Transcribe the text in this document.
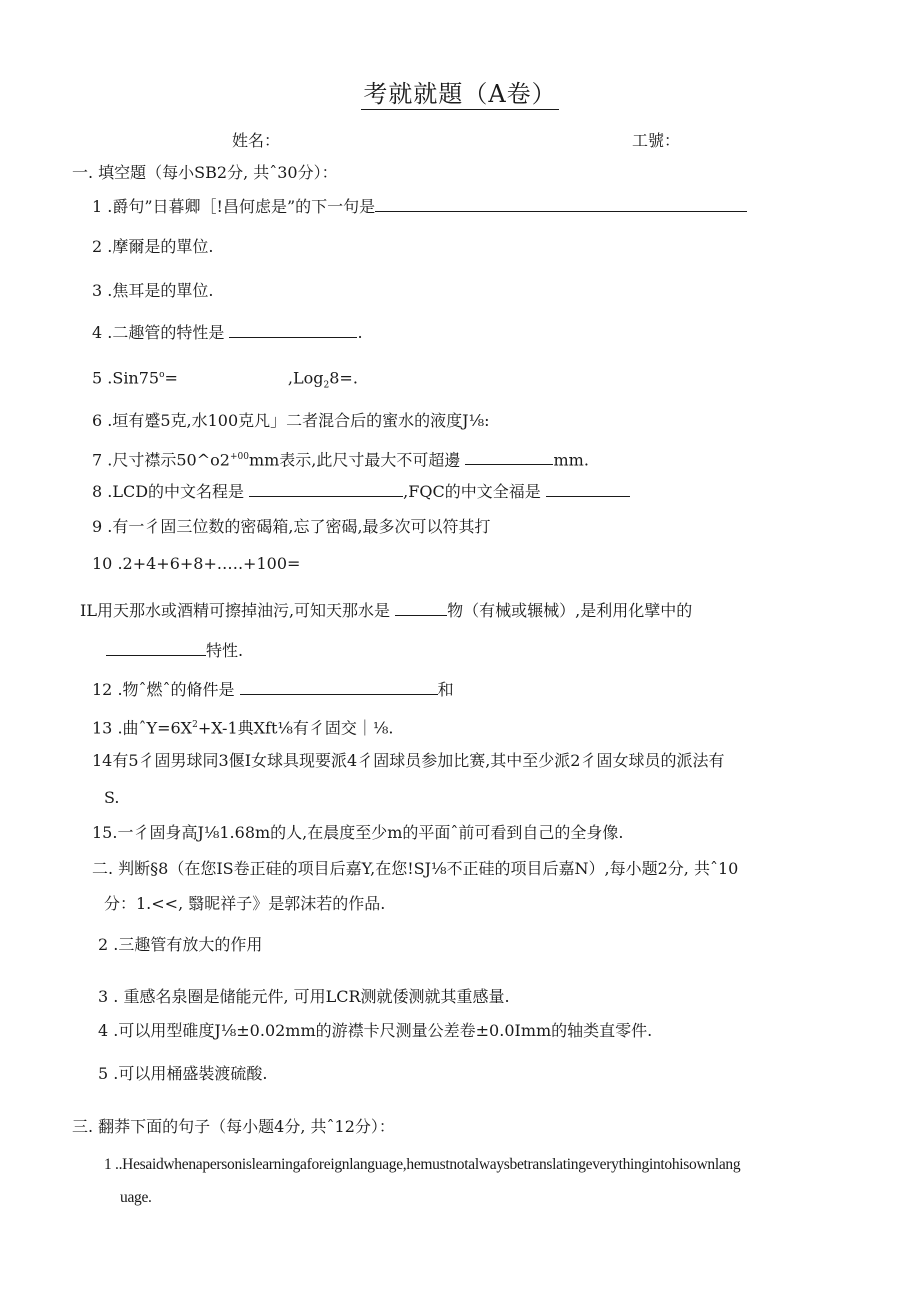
考就就題（A卷）
姓名：	工號：
一. 填空題（每小SB2分, 共ˆ30分）：
1 .爵句”日暮卿［!昌何虑是”的下一句是
2 .摩爾是的單位.
3 .焦耳是的單位.
4 .二趣管的特性是	.
5 $.Sin75^o=$	,Log$_2$8=.
6 .垣有蹙5克,水100克凡」二者混合后的蜜水的液度J⅛:
7 .尺寸襟示$50\^{}o2^{+00}mm$表示,此尺寸最大不可超邊	mm.
8 .LCD的中文名程是	,FQC的中文全福是
9 .有一彳固三位数的密碣箱,忘了密碣,最多次可以符其打
10 .2+4+6+8+.….+100=
IL用天那水或酒精可擦掉油污,可知天那水是	物（有械或辗械）,是利用化擘中的
特性.
12 .物ˆ燃ˆ的脩件是	和
13 .曲$ˆY=6X^2+X-1$典Xft⅛有彳固交｜⅛.
14有5彳固男球同3偃I女球具现要派4彳固球员参加比赛,其中至少派2彳固女球员的派法有
S.
15.一彳固身高J⅛1.68m的人,在晨度至少m的平面ˆ前可看到自己的全身像.
二. 判断§8（在您IS卷正硅的项目后嘉Y,在您!SJ⅛不正硅的项目后嘉N）,每小题2分, 共ˆ10
分：1.<<, 翳昵祥子》是郭沫若的作品.
2 .三趣管有放大的作用
3 . 重感名泉圈是储能元件, 可用LCR测就倭测就其重感量.
4 .可以用型碓度J⅛±0.02mm的游襟卡尺测量公差卷±0.0Imm的轴类直零件.
5 .可以用桶盛裝渡硫酸.
三. 翻莽下面的句子（每小题4分, 共ˆ12分）：
1 ..Hesaidwhenapersonislearningaforeignlanguage,hemustnotalwaysbetranslatingeverythingintohisownlang
uage.
